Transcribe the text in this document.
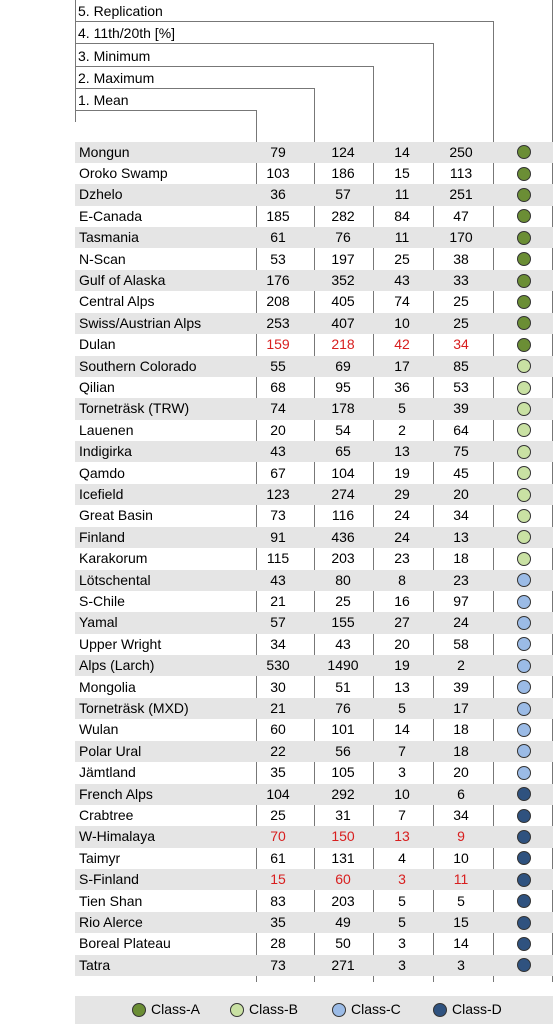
5. Replication
4. 11th/20th [%]
3. Minimum
2. Maximum
1. Mean
Mongun	79	124	14	250
Oroko Swamp	103	186	15	113
Dzhelo	36	57	11	251
E-Canada	185	282	84	47
Tasmania	61	76	11	170
N-Scan	53	197	25	38
Gulf of Alaska	176	352	43	33
Central Alps	208	405	74	25
Swiss/Austrian Alps	253	407	10	25
Dulan	159	218	42	34
Southern Colorado	55	69	17	85
Qilian	68	95	36	53
Torneträsk (TRW)	74	178	5	39
Lauenen	20	54	2	64
Indigirka	43	65	13	75
Qamdo	67	104	19	45
Icefield	123	274	29	20
Great Basin	73	116	24	34
Finland	91	436	24	13
Karakorum	115	203	23	18
Lötschental	43	80	8	23
S-Chile	21	25	16	97
Yamal	57	155	27	24
Upper Wright	34	43	20	58
Alps (Larch)	530	1490	19	2
Mongolia	30	51	13	39
Torneträsk (MXD)	21	76	5	17
Wulan	60	101	14	18
Polar Ural	22	56	7	18
Jämtland	35	105	3	20
French Alps	104	292	10	6
Crabtree	25	31	7	34
W-Himalaya	70	150	13	9
Taimyr	61	131	4	10
S-Finland	15	60	3	11
Tien Shan	83	203	5	5
Rio Alerce	35	49	5	15
Boreal Plateau	28	50	3	14
Tatra	73	271	3	3
Class-A	Class-B	Class-C	Class-D
